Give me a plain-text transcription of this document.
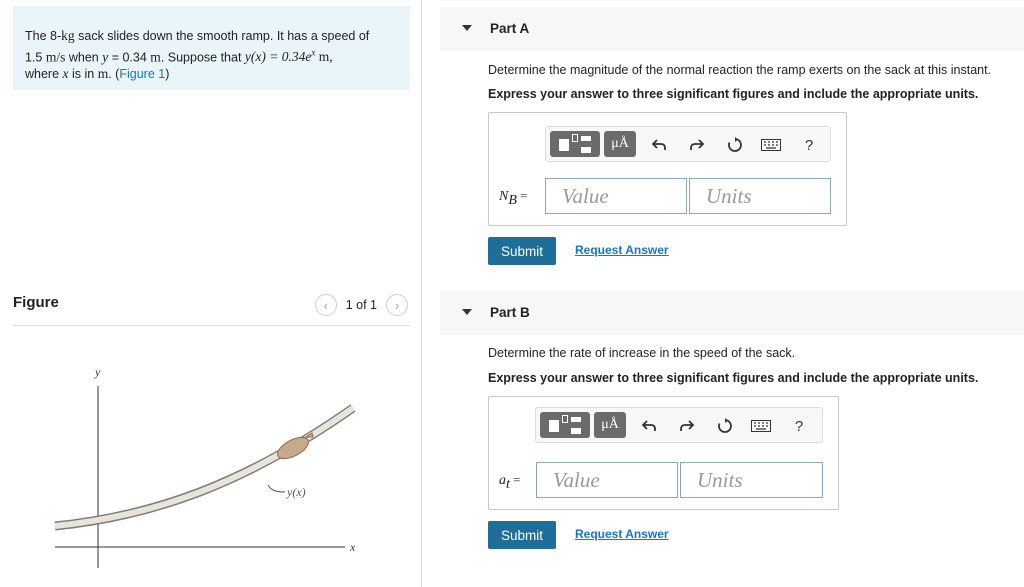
The 8-kg sack slides down the smooth ramp. It has a speed of
1.5 m/s when y = 0.34 m. Suppose that $y(x) = 0.34e^x$ m,
where x is in m. (Figure 1)
Figure	‹	1 of 1	›
y
x
y(x)
Part A
Determine the magnitude of the normal reaction the ramp exerts on the sack at this instant.
Express your answer to three significant figures and include the appropriate units.
μÅ	?
$N_B$ =
Value
Units
Submit	Request Answer
Part B
Determine the rate of increase in the speed of the sack.
Express your answer to three significant figures and include the appropriate units.
μÅ	?
$a_t$ =
Value
Units
Submit	Request Answer
